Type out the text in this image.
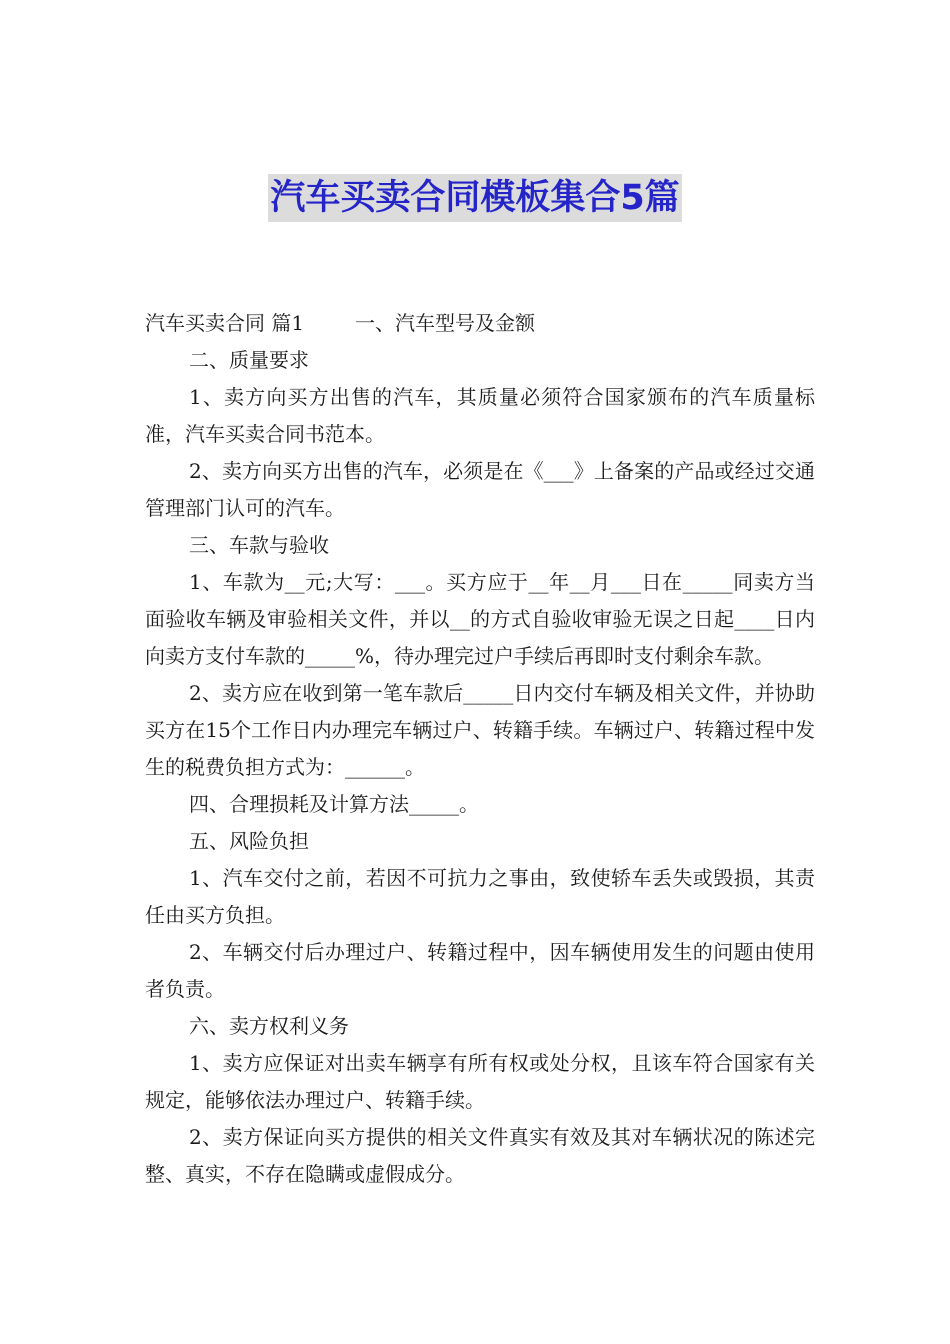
汽车买卖合同模板集合5篇

汽车买卖合同 篇1	一、汽车型号及金额

二、质量要求

1、卖方向买方出售的汽车，其质量必须符合国家颁布的汽车质量标准，汽车买卖合同书范本。

2、卖方向买方出售的汽车，必须是在《___》上备案的产品或经过交通管理部门认可的汽车。

三、车款与验收

1、车款为__元;大写：___。买方应于__年__月___日在_____同卖方当面验收车辆及审验相关文件，并以__的方式自验收审验无误之日起____日内向卖方支付车款的_____%，待办理完过户手续后再即时支付剩余车款。

2、卖方应在收到第一笔车款后_____日内交付车辆及相关文件，并协助买方在15个工作日内办理完车辆过户、转籍手续。车辆过户、转籍过程中发生的税费负担方式为：______。

四、合理损耗及计算方法_____。

五、风险负担

1、汽车交付之前，若因不可抗力之事由，致使轿车丢失或毁损，其责任由买方负担。

2、车辆交付后办理过户、转籍过程中，因车辆使用发生的问题由使用者负责。

六、卖方权利义务

1、卖方应保证对出卖车辆享有所有权或处分权，且该车符合国家有关规定，能够依法办理过户、转籍手续。

2、卖方保证向买方提供的相关文件真实有效及其对车辆状况的陈述完整、真实，不存在隐瞒或虚假成分。
